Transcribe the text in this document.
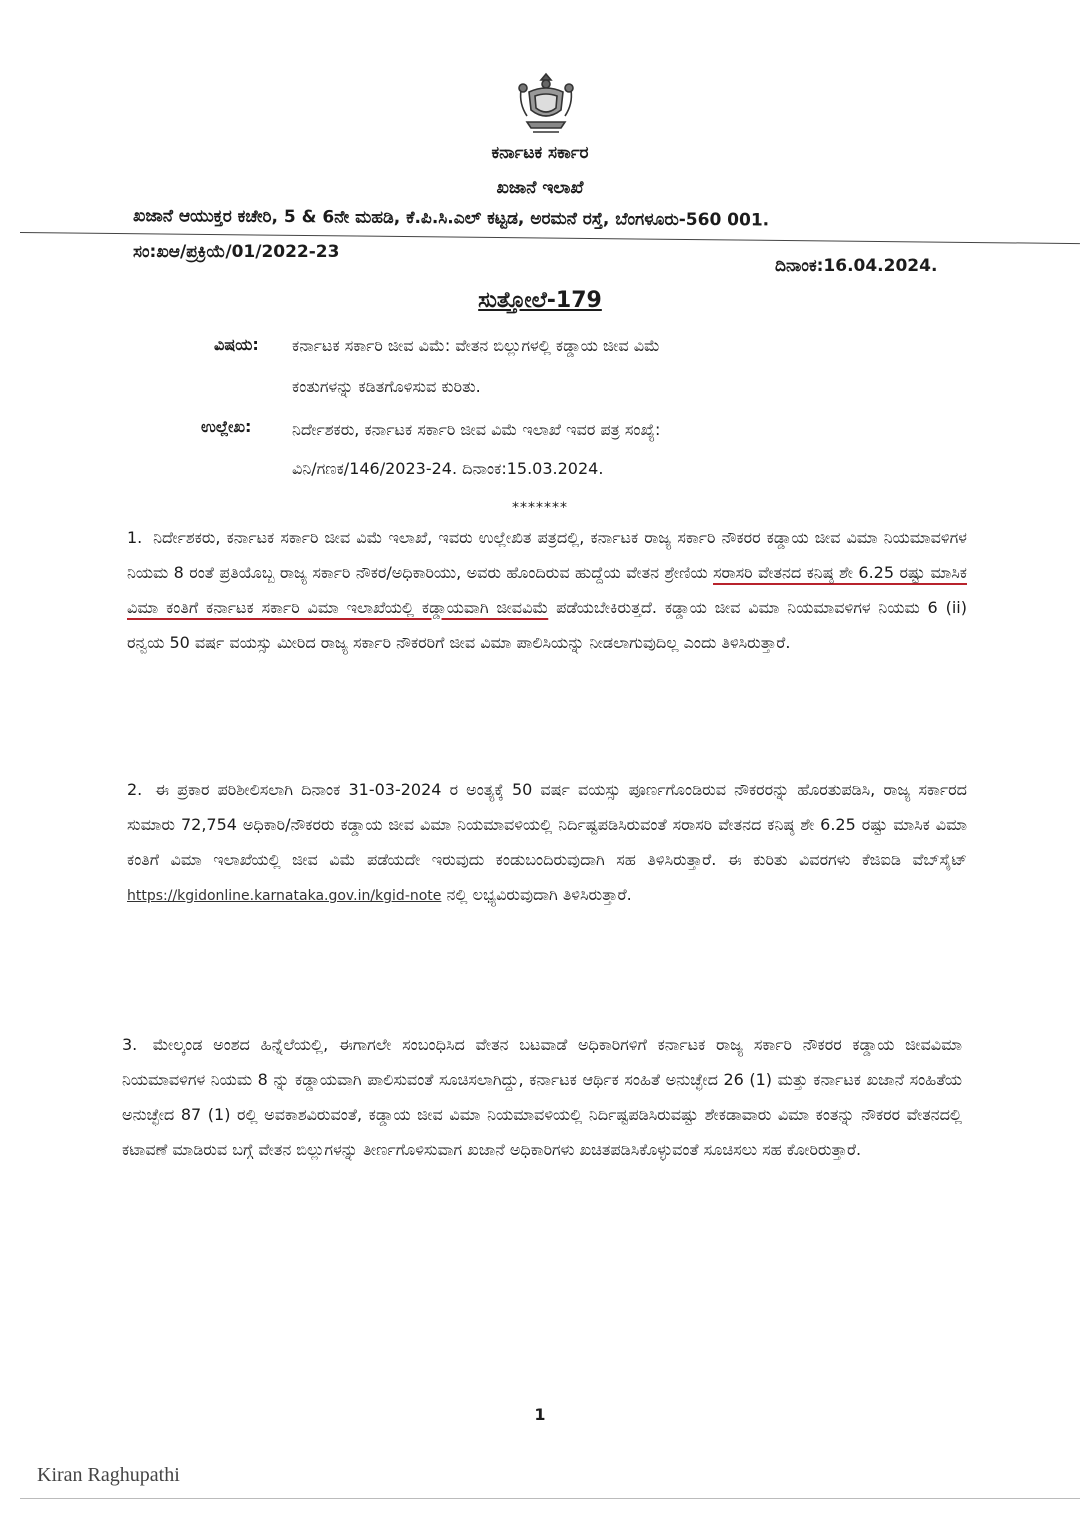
ಕರ್ನಾಟಕ ಸರ್ಕಾರ
ಖಜಾನೆ ಇಲಾಖೆ
ಖಜಾನೆ ಆಯುಕ್ತರ ಕಚೇರಿ, 5 & 6ನೇ ಮಹಡಿ, ಕೆ.ಪಿ.ಸಿ.ಎಲ್ ಕಟ್ಟಡ, ಅರಮನೆ ರಸ್ತೆ, ಬೆಂಗಳೂರು-560 001.
ಸಂ:ಖಆ/ಪ್ರಕ್ರಿಯೆ/01/2022-23
ದಿನಾಂಕ:16.04.2024.
ಸುತ್ತೋಲೆ-179
ವಿಷಯ: ಕರ್ನಾಟಕ ಸರ್ಕಾರಿ ಜೀವ ವಿಮೆ: ವೇತನ ಬಿಲ್ಲುಗಳಲ್ಲಿ ಕಡ್ಡಾಯ ಜೀವ ವಿಮೆ
ಕಂತುಗಳನ್ನು ಕಡಿತಗೊಳಿಸುವ ಕುರಿತು.
ಉಲ್ಲೇಖ:	ನಿರ್ದೇಶಕರು, ಕರ್ನಾಟಕ ಸರ್ಕಾರಿ ಜೀವ ವಿಮೆ ಇಲಾಖೆ ಇವರ ಪತ್ರ ಸಂಖ್ಯೆ:
ವಿನಿ/ಗಣಕ/146/2023-24. ದಿನಾಂಕ:15.03.2024.
*******
1. ನಿರ್ದೇಶಕರು, ಕರ್ನಾಟಕ ಸರ್ಕಾರಿ ಜೀವ ವಿಮೆ ಇಲಾಖೆ, ಇವರು ಉಲ್ಲೇಖಿತ ಪತ್ರದಲ್ಲಿ, ಕರ್ನಾಟಕ ರಾಜ್ಯ ಸರ್ಕಾರಿ ನೌಕರರ ಕಡ್ಡಾಯ ಜೀವ ವಿಮಾ ನಿಯಮಾವಳಿಗಳ ನಿಯಮ 8 ರಂತೆ ಪ್ರತಿಯೊಬ್ಬ ರಾಜ್ಯ ಸರ್ಕಾರಿ ನೌಕರ/ಅಧಿಕಾರಿಯು, ಅವರು ಹೊಂದಿರುವ ಹುದ್ದೆಯ ವೇತನ ಶ್ರೇಣಿಯ ಸರಾಸರಿ ವೇತನದ ಕನಿಷ್ಠ ಶೇ 6.25 ರಷ್ಟು ಮಾಸಿಕ ವಿಮಾ ಕಂತಿಗೆ ಕರ್ನಾಟಕ ಸರ್ಕಾರಿ ವಿಮಾ ಇಲಾಖೆಯಲ್ಲಿ ಕಡ್ಡಾಯವಾಗಿ ಜೀವವಿಮೆ ಪಡೆಯಬೇಕಿರುತ್ತದೆ. ಕಡ್ಡಾಯ ಜೀವ ವಿಮಾ ನಿಯಮಾವಳಿಗಳ ನಿಯಮ 6 (ii) ರನ್ವಯ 50 ವರ್ಷ ವಯಸ್ಸು ಮೀರಿದ ರಾಜ್ಯ ಸರ್ಕಾರಿ ನೌಕರರಿಗೆ ಜೀವ ವಿಮಾ ಪಾಲಿಸಿಯನ್ನು ನೀಡಲಾಗುವುದಿಲ್ಲ ಎಂದು ತಿಳಿಸಿರುತ್ತಾರೆ.
2. ಈ ಪ್ರಕಾರ ಪರಿಶೀಲಿಸಲಾಗಿ ದಿನಾಂಕ 31-03-2024 ರ ಅಂತ್ಯಕ್ಕೆ 50 ವರ್ಷ ವಯಸ್ಸು ಪೂರ್ಣಗೊಂಡಿರುವ ನೌಕರರನ್ನು ಹೊರತುಪಡಿಸಿ, ರಾಜ್ಯ ಸರ್ಕಾರದ ಸುಮಾರು 72,754 ಅಧಿಕಾರಿ/ನೌಕರರು ಕಡ್ಡಾಯ ಜೀವ ವಿಮಾ ನಿಯಮಾವಳಿಯಲ್ಲಿ ನಿರ್ದಿಷ್ಟಪಡಿಸಿರುವಂತೆ ಸರಾಸರಿ ವೇತನದ ಕನಿಷ್ಠ ಶೇ 6.25 ರಷ್ಟು ಮಾಸಿಕ ವಿಮಾ ಕಂತಿಗೆ ವಿಮಾ ಇಲಾಖೆಯಲ್ಲಿ ಜೀವ ವಿಮೆ ಪಡೆಯದೇ ಇರುವುದು ಕಂಡುಬಂದಿರುವುದಾಗಿ ಸಹ ತಿಳಿಸಿರುತ್ತಾರೆ. ಈ ಕುರಿತು ವಿವರಗಳು ಕೆಜಿಐಡಿ ವೆಬ್‌ಸೈಟ್ https://kgidonline.karnataka.gov.in/kgid-note ನಲ್ಲಿ ಲಭ್ಯವಿರುವುದಾಗಿ ತಿಳಿಸಿರುತ್ತಾರೆ.
3. ಮೇಲ್ಕಂಡ ಅಂಶದ ಹಿನ್ನೆಲೆಯಲ್ಲಿ, ಈಗಾಗಲೇ ಸಂಬಂಧಿಸಿದ ವೇತನ ಬಟವಾಡೆ ಅಧಿಕಾರಿಗಳಿಗೆ ಕರ್ನಾಟಕ ರಾಜ್ಯ ಸರ್ಕಾರಿ ನೌಕರರ ಕಡ್ಡಾಯ ಜೀವವಿಮಾ ನಿಯಮಾವಳಿಗಳ ನಿಯಮ 8 ನ್ನು ಕಡ್ಡಾಯವಾಗಿ ಪಾಲಿಸುವಂತೆ ಸೂಚಿಸಲಾಗಿದ್ದು, ಕರ್ನಾಟಕ ಆರ್ಥಿಕ ಸಂಹಿತೆ ಅನುಚ್ಛೇದ 26 (1) ಮತ್ತು ಕರ್ನಾಟಕ ಖಜಾನೆ ಸಂಹಿತೆಯ ಅನುಚ್ಛೇದ 87 (1) ರಲ್ಲಿ ಅವಕಾಶವಿರುವಂತೆ, ಕಡ್ಡಾಯ ಜೀವ ವಿಮಾ ನಿಯಮಾವಳಿಯಲ್ಲಿ ನಿರ್ದಿಷ್ಟಪಡಿಸಿರುವಷ್ಟು ಶೇಕಡಾವಾರು ವಿಮಾ ಕಂತನ್ನು ನೌಕರರ ವೇತನದಲ್ಲಿ ಕಟಾವಣೆ ಮಾಡಿರುವ ಬಗ್ಗೆ ವೇತನ ಬಿಲ್ಲುಗಳನ್ನು ತೀರ್ಣಗೊಳಿಸುವಾಗ ಖಜಾನೆ ಅಧಿಕಾರಿಗಳು ಖಚಿತಪಡಿಸಿಕೊಳ್ಳುವಂತೆ ಸೂಚಿಸಲು ಸಹ ಕೋರಿರುತ್ತಾರೆ.
1
Kiran Raghupathi
